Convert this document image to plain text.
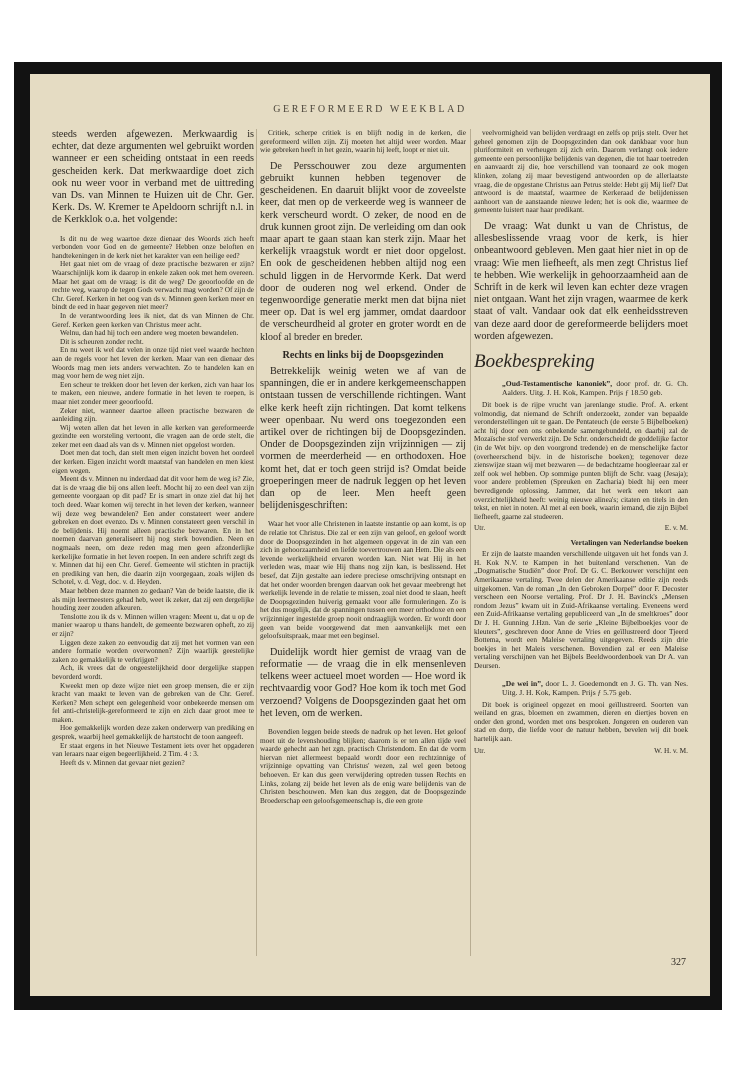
GEREFORMEERD WEEKBLAD

steeds werden afgewezen. Merkwaardig is echter, dat deze argumenten wel gebruikt worden wanneer er een scheiding ontstaat in een reeds gescheiden kerk. Dat merkwaardige doet zich ook nu weer voor in verband met de uittreding van Ds. van Minnen te Huizen uit de Chr. Ger. Kerk. Ds. W. Kremer te Apeldoorn schrijft n.l. in de Kerkklok o.a. het volgende:

Is dit nu de weg waartoe deze dienaar des Woords zich heeft verbonden voor God en de gemeente? Hebben onze beloften en handtekeningen in de kerk niet het karakter van een heilige eed?

Het gaat niet om de vraag of deze practische bezwaren er zijn? Waarschijnlijk kom ik daarop in enkele zaken ook met hem overeen. Maar het gaat om de vraag: is dit de weg? De geoorloofde en de rechte weg, waarop de tegen Gods verwacht mag worden? Of zijn de Chr. Geref. Kerken in het oog van ds v. Minnen geen kerken meer en bindt de eed in haar gegeven niet meer?

In de verantwoording lees ik niet, dat ds van Minnen de Chr. Geref. Kerken geen kerken van Christus meer acht.

Welnu, dan had hij toch een andere weg moeten bewandelen.

Dit is scheuren zonder recht.

En nu weet ik wel dat velen in onze tijd niet veel waarde hechten aan de regels voor het leven der kerken. Maar van een dienaar des Woords mag men iets anders verwachten. Zo te handelen kan en mag voor hem de weg niet zijn.

Een scheur te trekken door het leven der kerken, zich van haar los te maken, een nieuwe, andere formatie in het leven te roepen, is maar niet zonder meer geoorloofd.

Zeker niet, wanneer daartoe alleen practische bezwaren de aanleiding zijn.

Wij weten allen dat het leven in alle kerken van gereformeerde gezindte een worsteling vertoont, die vragen aan de orde stelt, die zeker met een daad als van ds v. Minnen niet opgelost worden.

Doet men dat toch, dan stelt men eigen inzicht boven het oordeel der kerken. Eigen inzicht wordt maatstaf van handelen en men kiest eigen wegen.

Meent ds v. Minnen nu inderdaad dat dit voor hem de weg is? Zie, dat is de vraag die bij ons allen leeft. Mocht hij zo een deel van zijn gemeente voorgaan op dit pad? Er is smart in onze ziel dat hij het toch deed. Waar komen wij terecht in het leven der kerken, wanneer wij deze weg bewandelen? Een ander constateert weer andere gebreken en doet evenzo. Ds v. Minnen constateert geen verschil in de belijdenis. Hij noemt alleen practische bezwaren. En in het noemen daarvan generaliseert hij nog sterk bovendien. Neen en nogmaals neen, om deze reden mag men geen afzonderlijke kerkelijke formatie in het leven roepen. In een andere schrift zegt ds v. Minnen dat hij een Chr. Geref. Gemeente wil stichten in practijk en prediking van hen, die daarin zijn voorgegaan, zoals wijlen ds Schotel, v. d. Vegt, doc. v. d. Heyden.

Maar hebben deze mannen zo gedaan? Van de beide laatste, die ik als mijn leermeesters gehad heb, weet ik zeker, dat zij een dergelijke houding zeer zouden afkeuren.

Tenslotte zou ik ds v. Minnen willen vragen: Meent u, dat u op de manier waarop u thans handelt, de gemeente bezwaren opheft, zo zij er zijn?

Liggen deze zaken zo eenvoudig dat zij met het vormen van een andere formatie worden overwonnen? Zijn waarlijk geestelijke zaken zo gemakkelijk te verkrijgen?

Ach, ik vrees dat de ongeestelijkheid door dergelijke stappen bevorderd wordt.

Kweekt men op deze wijze niet een groep mensen, die er zijn kracht van maakt te leven van de gebreken van de Chr. Geref. Kerken? Men schept een gelegenheid voor onbekeerde mensen om fel anti-christelijk-gereformeerd te zijn en zich daar groot mee te maken.

Hoe gemakkelijk worden deze zaken onderwerp van prediking en gesprek, waarbij heel gemakkelijk de hartstocht de toon aangeeft.

Er staat ergens in het Nieuwe Testament iets over het opgaderen van leraars naar eigen begeerlijkheid. 2 Tim. 4 : 3.

Heeft ds v. Minnen dat gevaar niet gezien?

Critiek, scherpe critiek is en blijft nodig in de kerken, die gereformeerd willen zijn. Zij moeten het altijd weer worden. Maar wie gebreken heeft in het gezin, waarin hij leeft, loopt er niet uit.

De Persschouwer zou deze argumenten gebruikt kunnen hebben tegenover de gescheidenen. En daaruit blijkt voor de zoveelste keer, dat men op de verkeerde weg is wanneer de kerk verscheurd wordt. O zeker, de nood en de druk kunnen groot zijn. De verleiding om dan ook maar apart te gaan staan kan sterk zijn. Maar het kerkelijk vraagstuk wordt er niet door opgelost. En ook de gescheidenen hebben altijd nog een schuld liggen in de Hervormde Kerk. Dat werd door de ouderen nog wel erkend. Onder de tegenwoordige generatie merkt men dat bijna niet meer op. Dat is wel erg jammer, omdat daardoor de verscheurdheid al groter en groter wordt en de kloof al breder en breder.

Rechts en links bij de Doopsgezinden

Betrekkelijk weinig weten we af van de spanningen, die er in andere kerkgemeenschappen ontstaan tussen de verschillende richtingen. Want elke kerk heeft zijn richtingen. Dat komt telkens weer openbaar. Nu werd ons toegezonden een artikel over de richtingen bij de Doopsgezinden. Onder de Doopsgezinden zijn vrijzinnigen — zij vormen de meerderheid — en orthodoxen. Hoe komt het, dat er toch geen strijd is? Omdat beide groeperingen meer de nadruk leggen op het leven dan op de leer. Men heeft geen belijdenisgeschriften:

Waar het voor alle Christenen in laatste instantie op aan komt, is op de relatie tot Christus. Die zal er een zijn van geloof, en geloof wordt door de Doopsgezinden in het algemeen opgevat in de zin van een zich in gehoorzaamheid en liefde toevertrouwen aan Hem. Die als een levende werkelijkheid ervaren worden kan. Niet wat Hij in het verleden was, maar wie Hij thans nog zijn kan, is beslissend. Het besef, dat Zijn gestalte aan iedere preciese omschrijving ontsnapt en dat het onder woorden brengen daarvan ook het gevaar meebrengt het werkelijk levende in de relatie te missen, zoal niet dood te slaan, heeft de Doopsgezinden huiverig gemaakt voor alle formuleringen. Zo is het dus mogelijk, dat de spanningen tussen een meer orthodoxe en een vrijzinniger ingestelde groep nooit ondraaglijk worden. Er wordt door geen van beide voorgewend dat men aanvankelijk met een geloofsuitspraak, maar met een beginsel.

Duidelijk wordt hier gemist de vraag van de reformatie — de vraag die in elk mensenleven telkens weer actueel moet worden — Hoe word ik rechtvaardig voor God? Hoe kom ik toch met God verzoend? Volgens de Doopsgezinden gaat het om het leven, om de werken.

Bovendien leggen beide steeds de nadruk op het leven. Het geloof moet uit de levenshouding blijken; daarom is er ten allen tijde veel waarde gehecht aan het zgn. practisch Christendom. En dat de vorm hiervan niet allermeest bepaald wordt door een rechtzinnige of vrijzinnige opvatting van Christus' wezen, zal wel geen betoog behoeven. Er kan dus geen verwijdering optreden tussen Rechts en Links, zolang zij beide het leven als de enig ware belijdenis van de Christen beschouwen. Men kan dus zeggen, dat de Doopsgezinde Broederschap een geloofsgemeenschap is, die een grote

veelvormigheid van belijden verdraagt en zelfs op prijs stelt. Over het geheel genomen zijn de Doopsgezinden dan ook dankbaar voor hun pluriformiteit en verheugen zij zich erin. Daarom verlangt ook iedere gemeente een persoonlijke belijdenis van degenen, die tot haar toetreden en aanvaardt zij die, hoe verschillend van toonaard ze ook mogen klinken, zolang zij maar bevestigend antwoorden op de allerlaatste vraag, die de opgestane Christus aan Petrus stelde: Hebt gij Mij lief? Dat antwoord is de maatstaf, waarmee de Kerkeraad de belijdenissen aanhoort van de aanstaande nieuwe leden; het is ook die, waarmee de gemeente luistert naar haar predikant.

De vraag: Wat dunkt u van de Christus, de allesbeslissende vraag voor de kerk, is hier onbeantwoord gebleven. Men gaat hier niet in op de vraag: Wie men liefheeft, als men zegt Christus lief te hebben. Wie werkelijk in gehoorzaamheid aan de Schrift in de kerk wil leven kan echter deze vragen niet ontgaan. Want het zijn vragen, waarmee de kerk staat of valt. Vandaar ook dat elk eenheidsstreven van deze aard door de gereformeerde belijders moet worden afgewezen.

Boekbespreking
„Oud-Testamentische kanoniek”, door prof. dr. G. Ch. Aalders. Uitg. J. H. Kok, Kampen. Prijs ƒ 18.50 geb.

Dit boek is de rijpe vrucht van jarenlange studie. Prof. A. erkent volmondig, dat niemand de Schrift onderzoekt, zonder van bepaalde veronderstellingen uit te gaan. De Pentateuch (de eerste 5 Bijbelboeken) acht hij door een ons onbekende samengebundeld, en daarbij zal de Mozaïsche stof verwerkt zijn. De Schr. onderscheidt de goddelijke factor (in de Wet bijv. op den voorgrond tredende) en de menschelijke factor (overheerschend bijv. in de historische boeken); tegenover deze zienswijze staan wij met bezwaren — de bedachtzame hoogleeraar zal er zelf ook wel hebben. Op sommige punten blijft de Schr. vaag (Jesaja); voor andere problemen (Spreuken en Zacharia) biedt hij een meer bevredigende oplossing. Jammer, dat het werk een tekort aan overzichtelijkheid heeft: weinig nieuwe alinea's; citaten en titels in den tekst, en niet in noten. Al met al een boek, waarin iemand, die zijn Bijbel liefheeft, gaarne zal studeeren.

Utr.	E. v. M.
Vertalingen van Nederlandse boeken

Er zijn de laatste maanden verschillende uitgaven uit het fonds van J. H. Kok N.V. te Kampen in het buitenland verschenen. Van de „Dogmatische Studiën” door Prof. Dr G. C. Berkouwer verschijnt een Amerikaanse vertaling. Twee delen der Amerikaanse editie zijn reeds uitgekomen. Van de roman „In den Gebroken Dorpel” door F. Decoster verscheen een Noorse vertaling. Prof. Dr J. H. Bavinck's „Mensen rondom Jezus” kwam uit in Zuid-Afrikaanse vertaling. Eveneens werd een Zuid-Afrikaanse vertaling gepubliceerd van „In de smeltkroes” door Dr J. H. Gunning J.Hzn. Van de serie „Kleine Bijbelboekjes voor de kleuters”, geschreven door Anne de Vries en geïllustreerd door Tjeerd Bottema, wordt een Maleise vertaling uitgegeven. Reeds zijn drie boekjes in het Maleis verschenen. Bovendien zal er een Maleise vertaling verschijnen van het Bijbels Beeldwoordenboek van Dr A. van Deursen.

„De wei in”, door L. J. Goedemondt en J. G. Th. van Nes. Uitg. J. H. Kok, Kampen. Prijs ƒ 5.75 geb.

Dit boek is origineel opgezet en mooi geïllustreerd. Soorten van weiland en gras, bloemen en zwammen, dieren en diertjes boven en onder den grond, worden met ons besproken. Jongeren en ouderen van stad en dorp, die liefde voor de natuur hebben, bevelen wij dit boek hartelijk aan.

Utr.	W. H. v. M.
327
